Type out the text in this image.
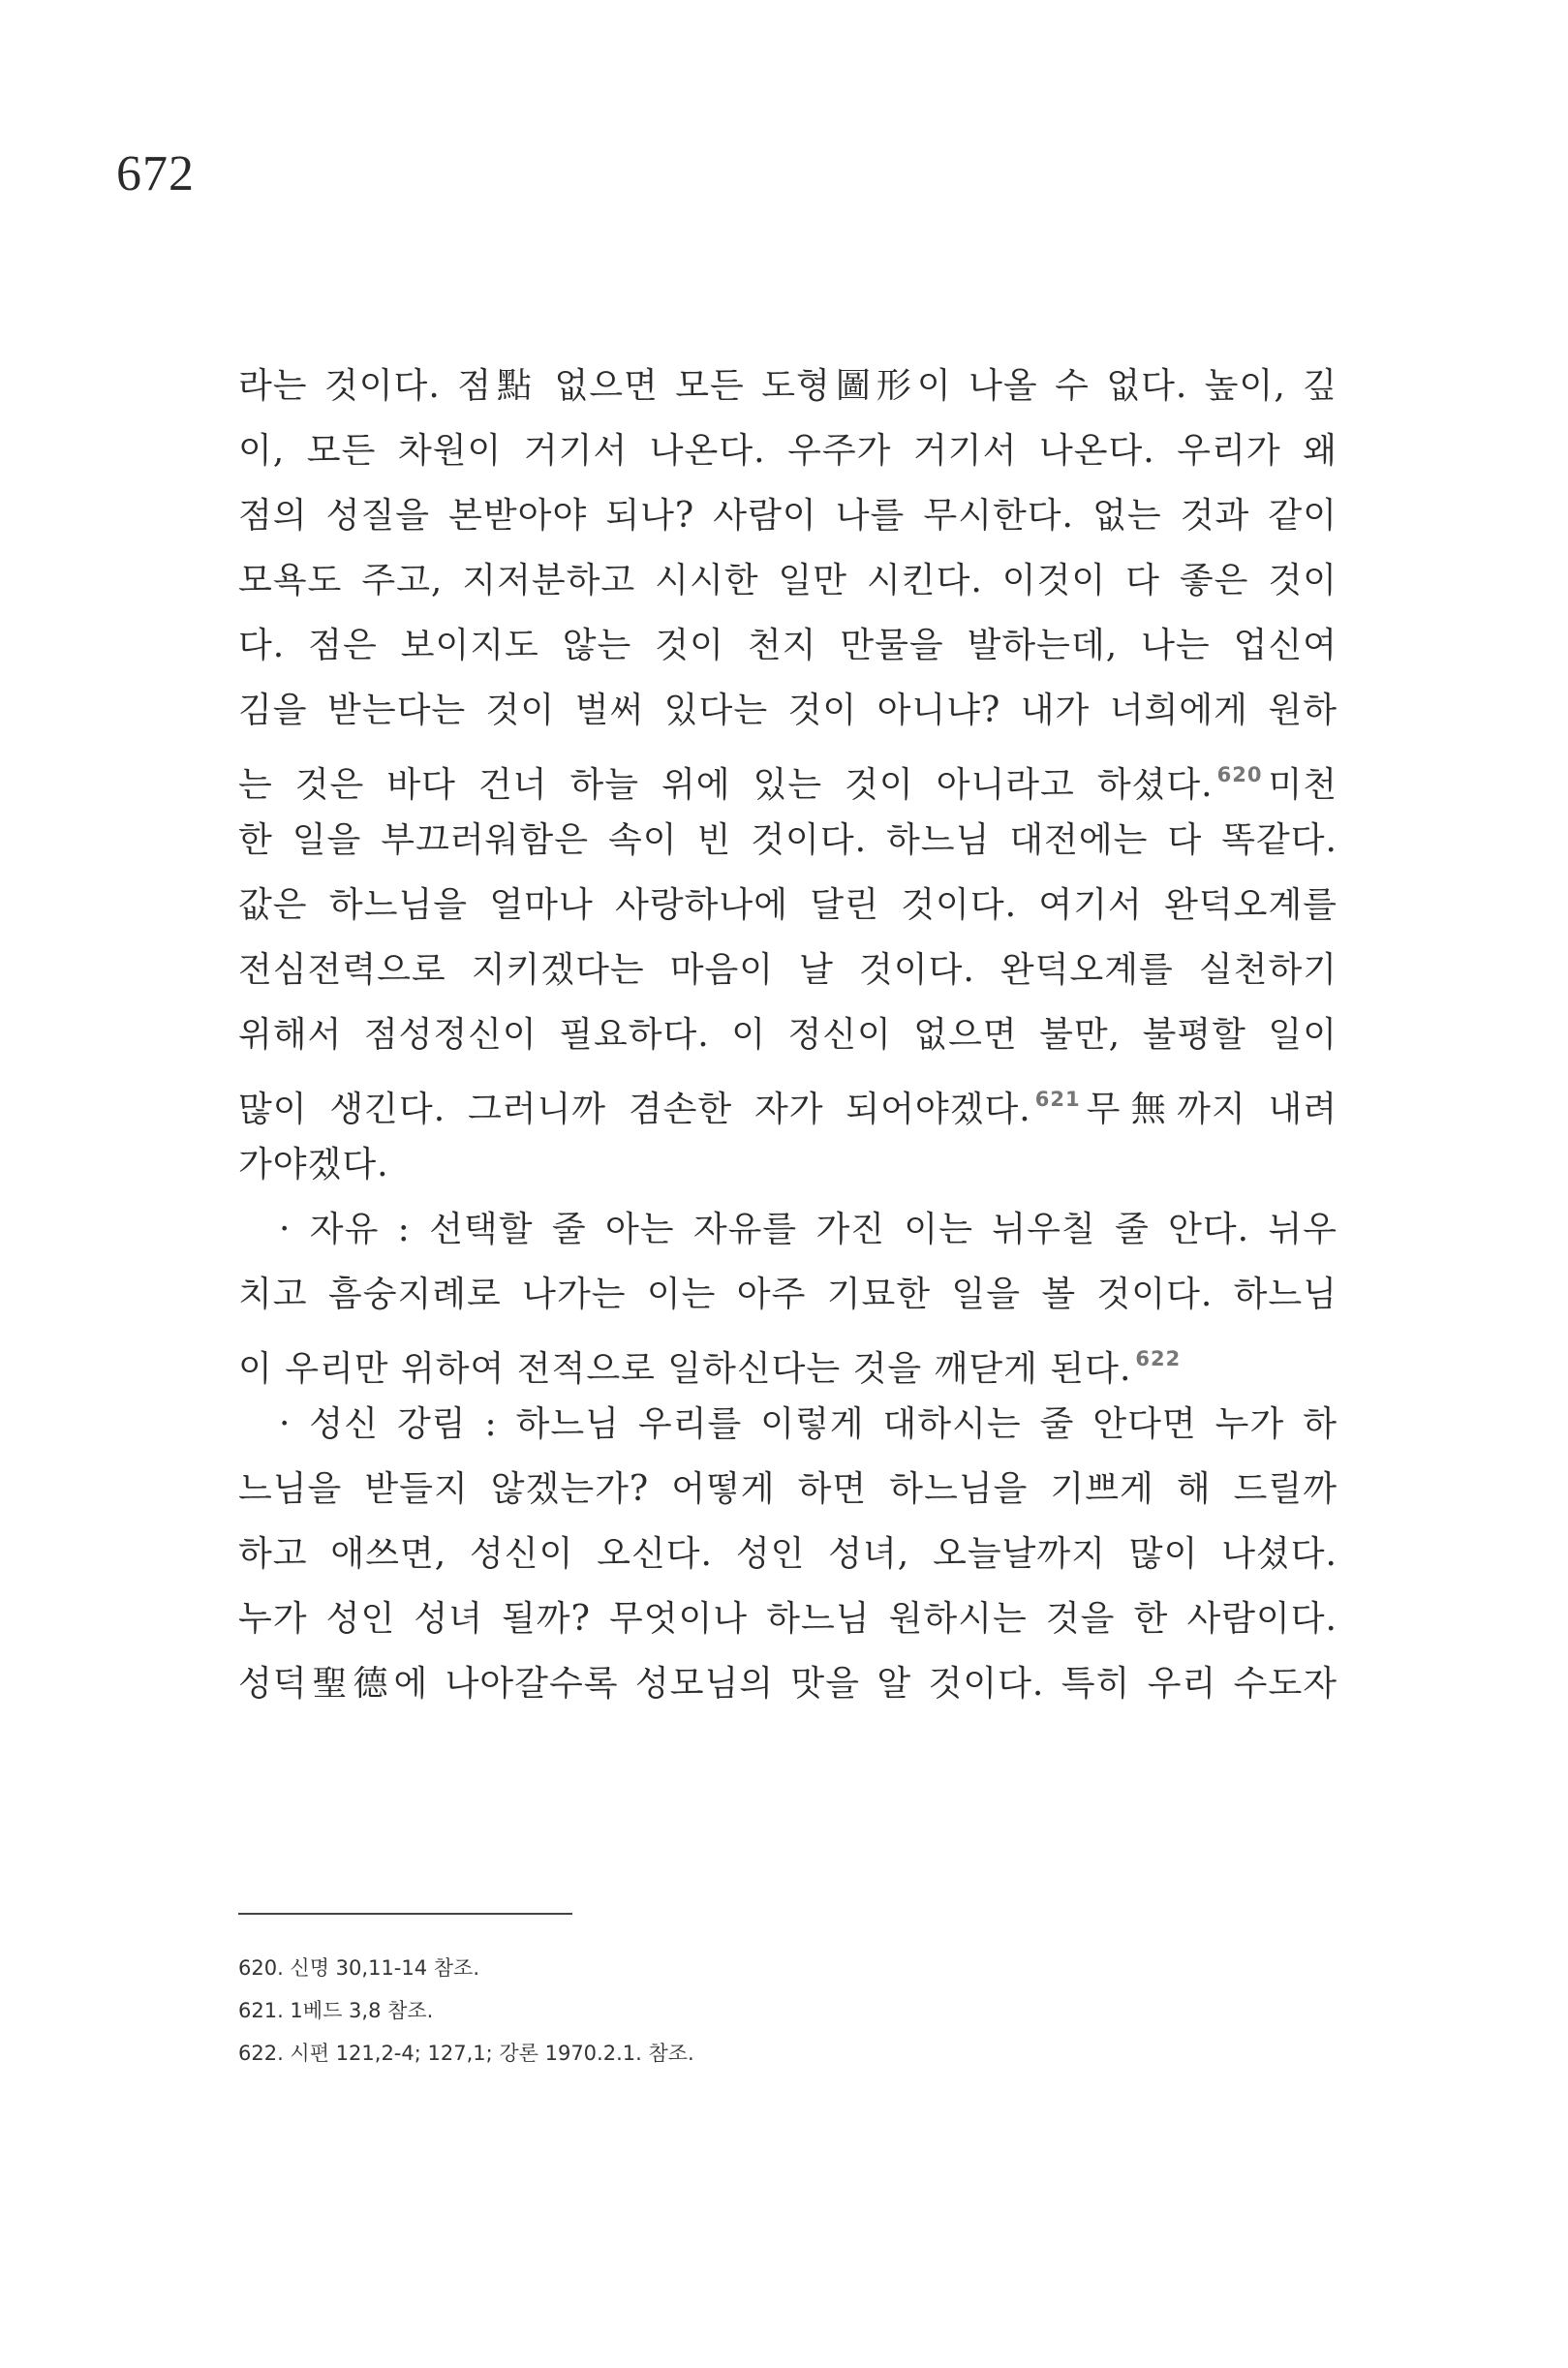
672
라는 것이다. 점點 없으면 모든 도형圖形이 나올 수 없다. 높이, 깊
이, 모든 차원이 거기서 나온다. 우주가 거기서 나온다. 우리가 왜
점의 성질을 본받아야 되나? 사람이 나를 무시한다. 없는 것과 같이
모욕도 주고, 지저분하고 시시한 일만 시킨다. 이것이 다 좋은 것이
다. 점은 보이지도 않는 것이 천지 만물을 발하는데, 나는 업신여
김을 받는다는 것이 벌써 있다는 것이 아니냐? 내가 너희에게 원하
는 것은 바다 건너 하늘 위에 있는 것이 아니라고 하셨다. $^{620}$ 미천
한 일을 부끄러워함은 속이 빈 것이다. 하느님 대전에는 다 똑같다.
값은 하느님을 얼마나 사랑하나에 달린 것이다. 여기서 완덕오계를
전심전력으로 지키겠다는 마음이 날 것이다. 완덕오계를 실천하기
위해서 점성정신이 필요하다. 이 정신이 없으면 불만, 불평할 일이
많이 생긴다. 그러니까 겸손한 자가 되어야겠다. $^{621}$ 무無까지 내려
가야겠다.
· 자유 : 선택할 줄 아는 자유를 가진 이는 뉘우칠 줄 안다. 뉘우
치고 흠숭지례로 나가는 이는 아주 기묘한 일을 볼 것이다. 하느님
이 우리만 위하여 전적으로 일하신다는 것을 깨닫게 된다. $^{622}$
· 성신 강림 : 하느님 우리를 이렇게 대하시는 줄 안다면 누가 하
느님을 받들지 않겠는가? 어떻게 하면 하느님을 기쁘게 해 드릴까
하고 애쓰면, 성신이 오신다. 성인 성녀, 오늘날까지 많이 나셨다.
누가 성인 성녀 될까? 무엇이나 하느님 원하시는 것을 한 사람이다.
성덕聖德에 나아갈수록 성모님의 맛을 알 것이다. 특히 우리 수도자
620. 신명 30,11-14 참조.
621. 1베드 3,8 참조.
622. 시편 121,2-4; 127,1; 강론 1970.2.1. 참조.
